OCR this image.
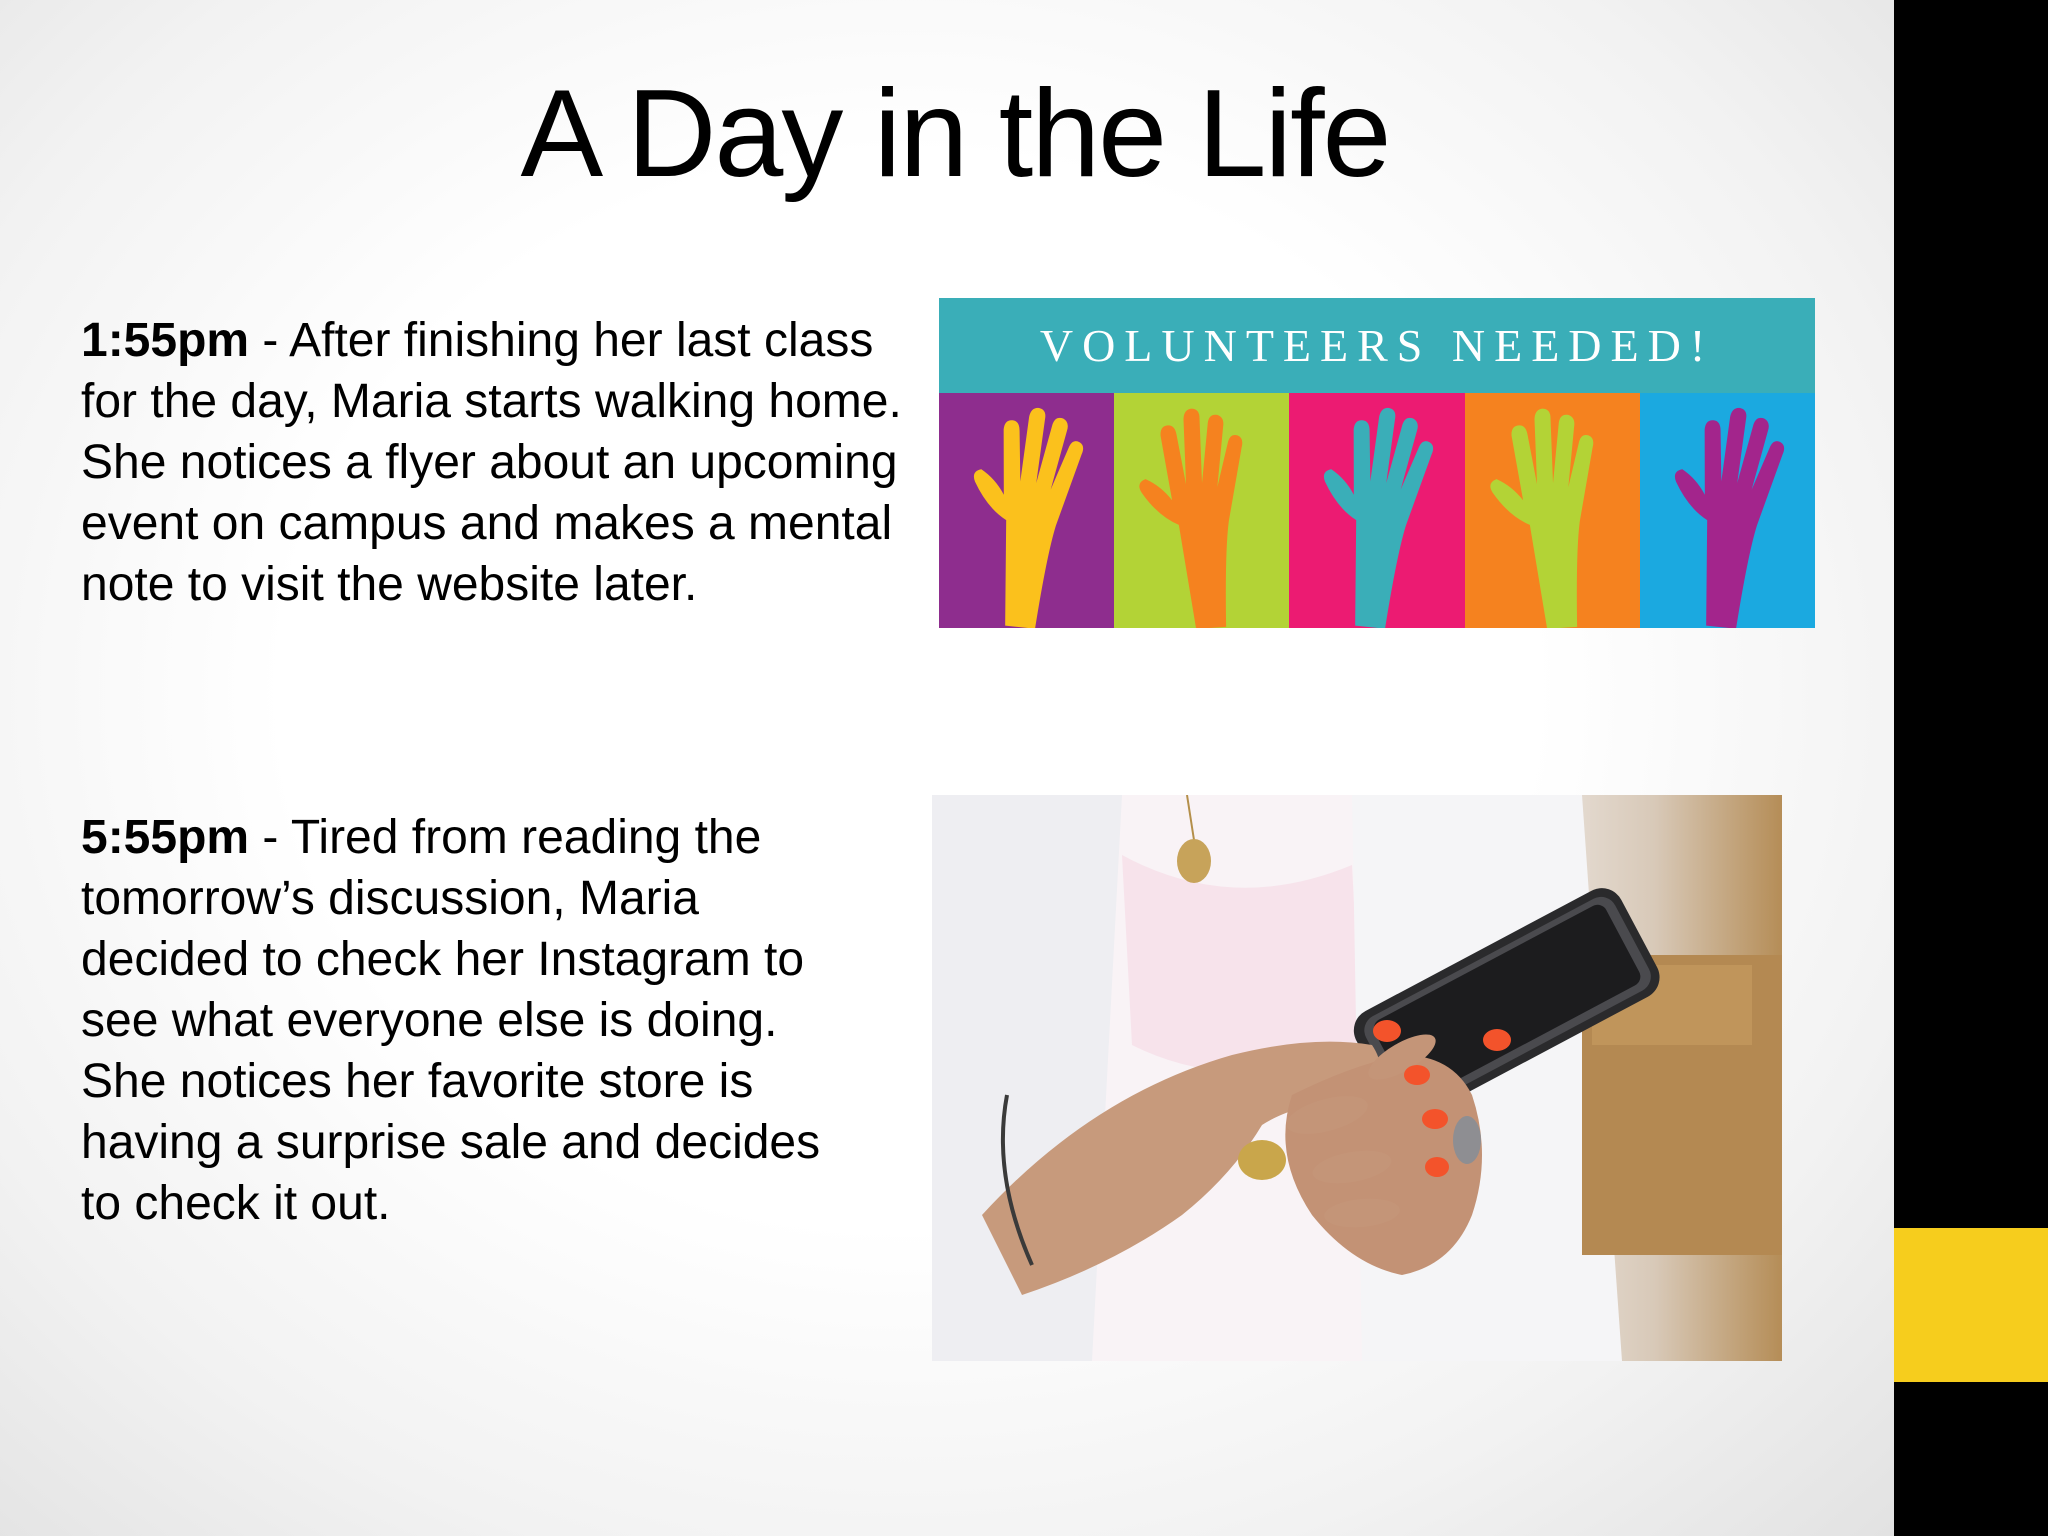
A Day in the Life

1:55pm - After finishing her last class for the day, Maria starts walking home. She notices a flyer about an upcoming event on campus and makes a mental note to visit the website later.

5:55pm - Tired from reading the tomorrow’s discussion, Maria decided to check her Instagram to see what everyone else is doing. She notices her favorite store is having a surprise sale and decides to check it out.

VOLUNTEERS NEEDED!
